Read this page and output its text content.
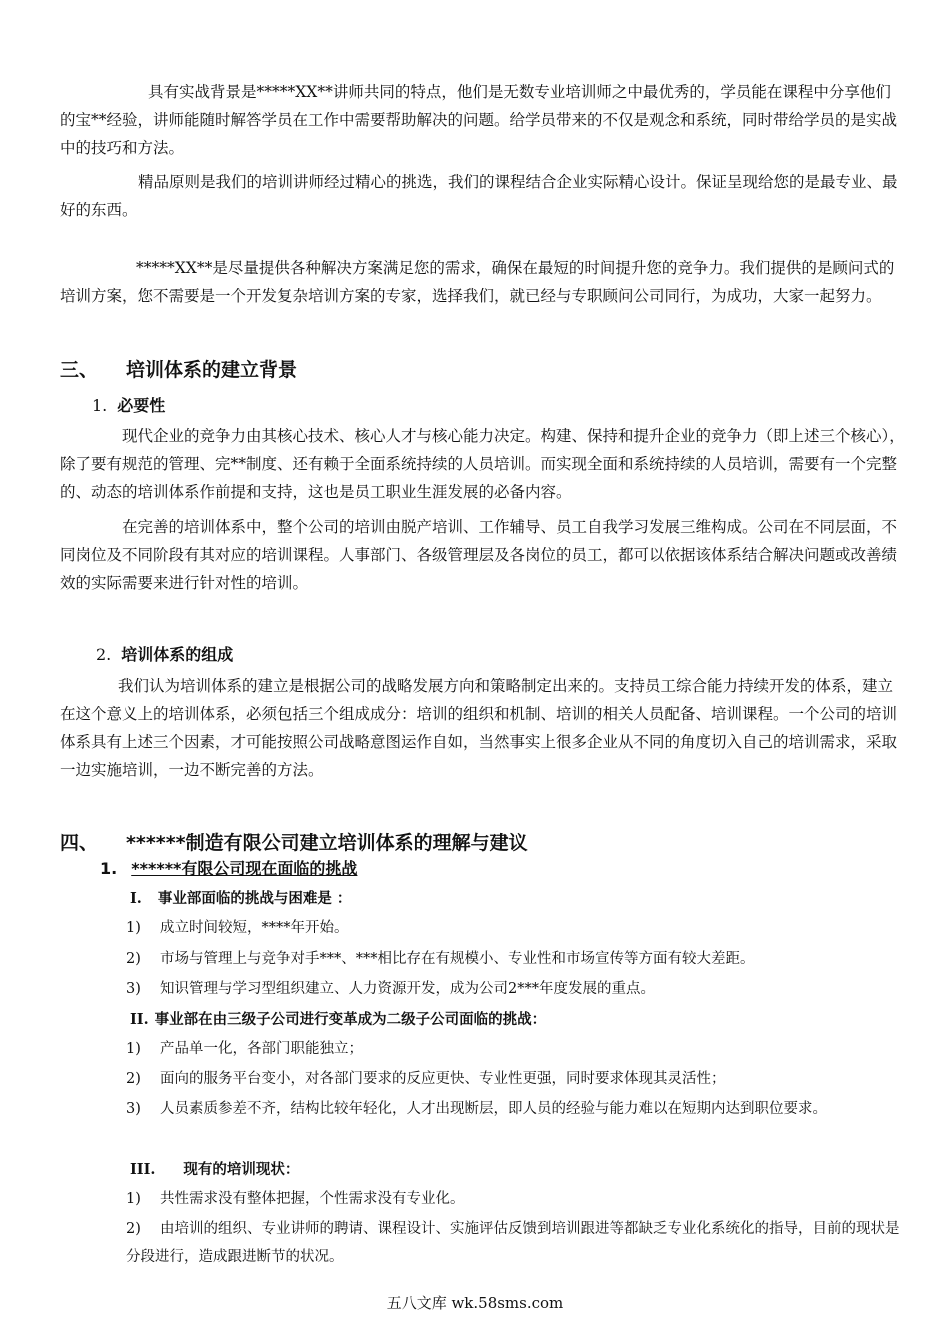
具有实战背景是*****XX**讲师共同的特点，他们是无数专业培训师之中最优秀的，学员能在课程中分享他们的宝**经验，讲师能随时解答学员在工作中需要帮助解决的问题。给学员带来的不仅是观念和系统，同时带给学员的是实战中的技巧和方法。

精品原则是我们的培训讲师经过精心的挑选，我们的课程结合企业实际精心设计。保证呈现给您的是最专业、最好的东西。

*****XX**是尽量提供各种解决方案满足您的需求，确保在最短的时间提升您的竞争力。我们提供的是顾问式的培训方案，您不需要是一个开发复杂培训方案的专家，选择我们，就已经与专职顾问公司同行，为成功，大家一起努力。

三、 培训体系的建立背景
1. 必要性

现代企业的竞争力由其核心技术、核心人才与核心能力决定。构建、保持和提升企业的竞争力（即上述三个核心），除了要有规范的管理、完**制度、还有赖于全面系统持续的人员培训。而实现全面和系统持续的人员培训，需要有一个完整的、动态的培训体系作前提和支持，这也是员工职业生涯发展的必备内容。

在完善的培训体系中，整个公司的培训由脱产培训、工作辅导、员工自我学习发展三维构成。公司在不同层面，不同岗位及不同阶段有其对应的培训课程。人事部门、各级管理层及各岗位的员工，都可以依据该体系结合解决问题或改善绩效的实际需要来进行针对性的培训。

2. 培训体系的组成

我们认为培训体系的建立是根据公司的战略发展方向和策略制定出来的。支持员工综合能力持续开发的体系，建立在这个意义上的培训体系，必须包括三个组成成分：培训的组织和机制、培训的相关人员配备、培训课程。一个公司的培训体系具有上述三个因素，才可能按照公司战略意图运作自如，当然事实上很多企业从不同的角度切入自己的培训需求，采取一边实施培训，一边不断完善的方法。

四、 ******制造有限公司建立培训体系的理解与建议
1. ******有限公司现在面临的挑战
I. 事业部面临的挑战与困难是 ：

1) 成立时间较短，****年开始。

2) 市场与管理上与竞争对手***、***相比存在有规模小、专业性和市场宣传等方面有较大差距。

3) 知识管理与学习型组织建立、人力资源开发，成为公司2***年度发展的重点。

II. 事业部在由三级子公司进行变革成为二级子公司面临的挑战：

1) 产品单一化，各部门职能独立；

2) 面向的服务平台变小，对各部门要求的反应更快、专业性更强，同时要求体现其灵活性；

3) 人员素质参差不齐，结构比较年轻化，人才出现断层，即人员的经验与能力难以在短期内达到职位要求。

III. 现有的培训现状：

1) 共性需求没有整体把握，个性需求没有专业化。

2) 由培训的组织、专业讲师的聘请、课程设计、实施评估反馈到培训跟进等都缺乏专业化系统化的指导，目前的现状是分段进行，造成跟进断节的状况。

五八文库 wk.58sms.com
